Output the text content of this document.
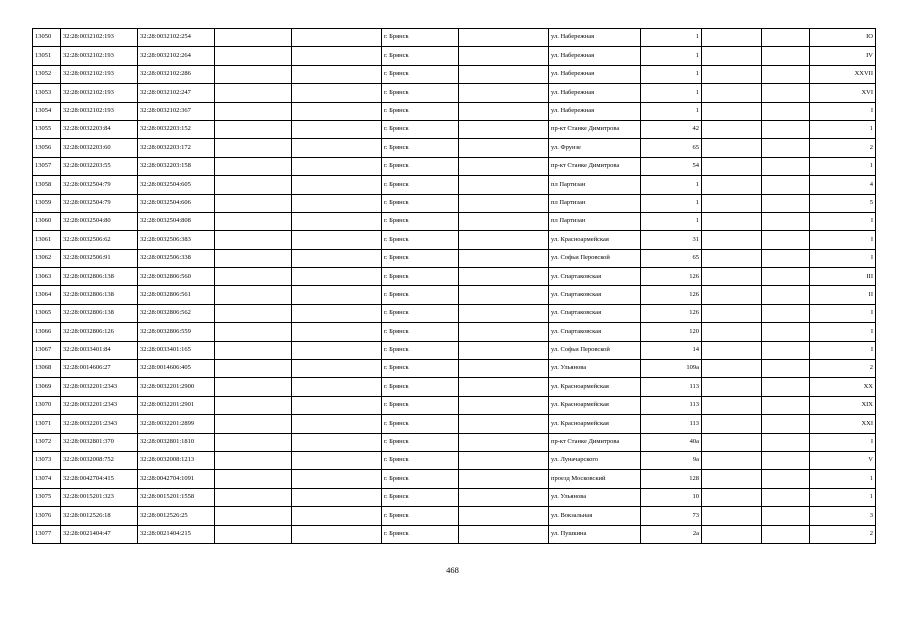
13050	32:28:0032102:193	32:28:0032102:254			г. Брянск		ул. Набережная	1			IO
13051	32:28:0032102:193	32:28:0032102:264			г. Брянск		ул. Набережная	1			IV
13052	32:28:0032102:193	32:28:0032102:286			г. Брянск		ул. Набережная	1			XXVII
13053	32:28:0032102:193	32:28:0032102:247			г. Брянск		ул. Набережная	1			XVI
13054	32:28:0032102:193	32:28:0032102:367			г. Брянск		ул. Набережная	1			I
13055	32:28:0032203:84	32:28:0032203:152			г. Брянск		пр-кт Станке Димитрова	42			1
13056	32:28:0032203:60	32:28:0032203:172			г. Брянск		ул. Фрунзе	65			2
13057	32:28:0032203:55	32:28:0032203:158			г. Брянск		пр-кт Станке Димитрова	54			1
13058	32:28:0032504:79	32:28:0032504:605			г. Брянск		пл Партизан	1			4
13059	32:28:0032504:79	32:28:0032504:606			г. Брянск		пл Партизан	1			5
13060	32:28:0032504:80	32:28:0032504:808			г. Брянск		пл Партизан	1			I
13061	32:28:0032506:62	32:28:0032506:383			г. Брянск		ул. Красноармейская	31			I
13062	32:28:0032506:91	32:28:0032506:338			г. Брянск		ул. Софьи Перовской	65			I
13063	32:28:0032806:138	32:28:0032806:560			г. Брянск		ул. Спартаковская	126			III
13064	32:28:0032806:138	32:28:0032806:561			г. Брянск		ул. Спартаковская	126			II
13065	32:28:0032806:138	32:28:0032806:562			г. Брянск		ул. Спартаковская	126			I
13066	32:28:0032806:126	32:28:0032806:559			г. Брянск		ул. Спартаковская	120			I
13067	32:28:0033401:84	32:28:0033401:165			г. Брянск		ул. Софьи Перовской	14			I
13068	32:28:0014606:27	32:28:0014606:405			г. Брянск		ул. Ульянова	109а			2
13069	32:28:0032201:2343	32:28:0032201:2900			г. Брянск		ул. Красноармейская	113			XX
13070	32:28:0032201:2343	32:28:0032201:2901			г. Брянск		ул. Красноармейская	113			XIX
13071	32:28:0032201:2343	32:28:0032201:2899			г. Брянск		ул. Красноармейская	113			XXI
13072	32:28:0032801:370	32:28:0032801:1810			г. Брянск		пр-кт Станке Димитрова	40а			I
13073	32:28:0032008:752	32:28:0032008:1213			г. Брянск		ул. Луначарского	9а			V
13074	32:28:0042704:415	32:28:0042704:1091			г. Брянск		проезд Московский	128			1
13075	32:28:0015201:323	32:28:0015201:1558			г. Брянск		ул. Ульянова	10			1
13076	32:28:0012526:18	32:28:0012526:25			г. Брянск		ул. Вокзальная	73			3
13077	32:28:0021404:47	32:28:0021404:215			г. Брянск		ул. Пушкина	2а			2
468
